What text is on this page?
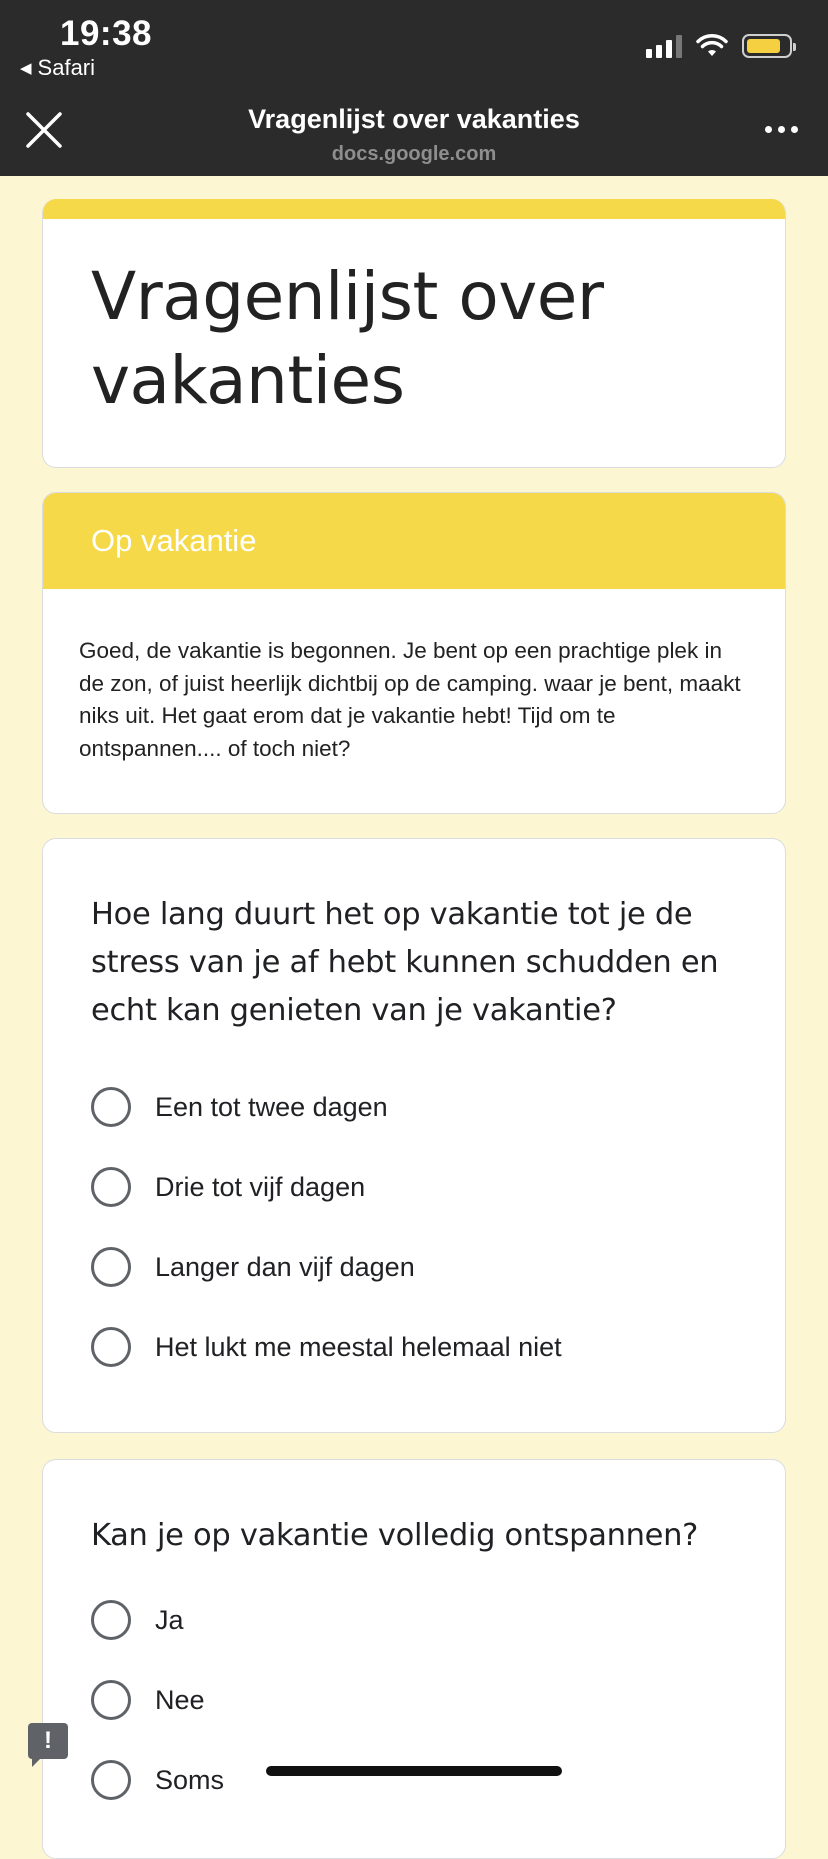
19:38
◀ Safari
Vragenlijst over vakanties
docs.google.com
Vragenlijst over vakanties
Op vakantie
Goed, de vakantie is begonnen. Je bent op een prachtige plek in de zon, of juist heerlijk dichtbij op de camping. waar je bent, maakt niks uit. Het gaat erom dat je vakantie hebt! Tijd om te ontspannen.... of toch niet?
Hoe lang duurt het op vakantie tot je de stress van je af hebt kunnen schudden en echt kan genieten van je vakantie?
Een tot twee dagen
Drie tot vijf dagen
Langer dan vijf dagen
Het lukt me meestal helemaal niet
Kan je op vakantie volledig ontspannen?
Ja
Nee
Soms
!
